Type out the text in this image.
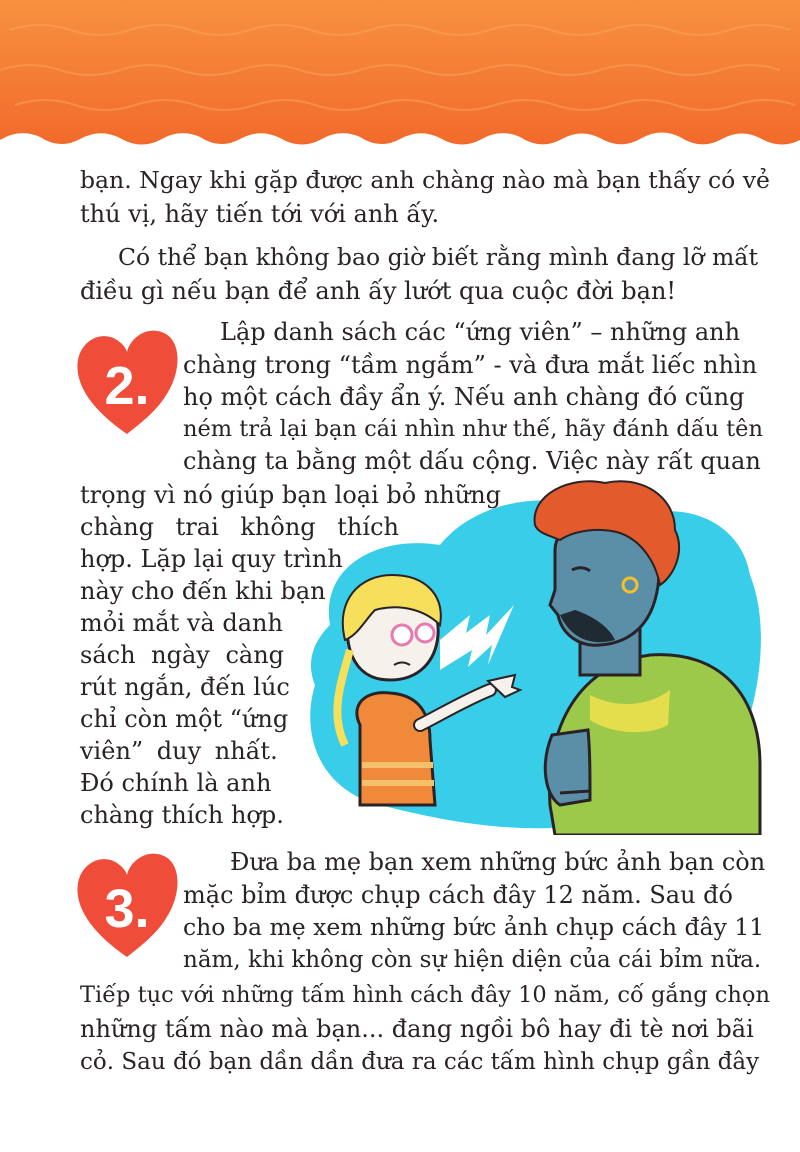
bạn. Ngay khi gặp được anh chàng nào mà bạn thấy có vẻ

thú vị, hãy tiến tới với anh ấy.

Có thể bạn không bao giờ biết rằng mình đang lỡ mất

điều gì nếu bạn để anh ấy lướt qua cuộc đời bạn!

2.

Lập danh sách các “ứng viên” – những anh

chàng trong “tầm ngắm” - và đưa mắt liếc nhìn

họ một cách đầy ẩn ý. Nếu anh chàng đó cũng

ném trả lại bạn cái nhìn như thế, hãy đánh dấu tên

chàng ta bằng một dấu cộng. Việc này rất quan

trọng vì nó giúp bạn loại bỏ những

chàng trai không thích

hợp. Lặp lại quy trình

này cho đến khi bạn

mỏi mắt và danh

sách ngày càng

rút ngắn, đến lúc

chỉ còn một “ứng

viên” duy nhất.

Đó chính là anh

chàng thích hợp.

3.

Đưa ba mẹ bạn xem những bức ảnh bạn còn

mặc bỉm được chụp cách đây 12 năm. Sau đó

cho ba mẹ xem những bức ảnh chụp cách đây 11

năm, khi không còn sự hiện diện của cái bỉm nữa.

Tiếp tục với những tấm hình cách đây 10 năm, cố gắng chọn

những tấm nào mà bạn... đang ngồi bô hay đi tè nơi bãi

cỏ. Sau đó bạn dần dần đưa ra các tấm hình chụp gần đây
